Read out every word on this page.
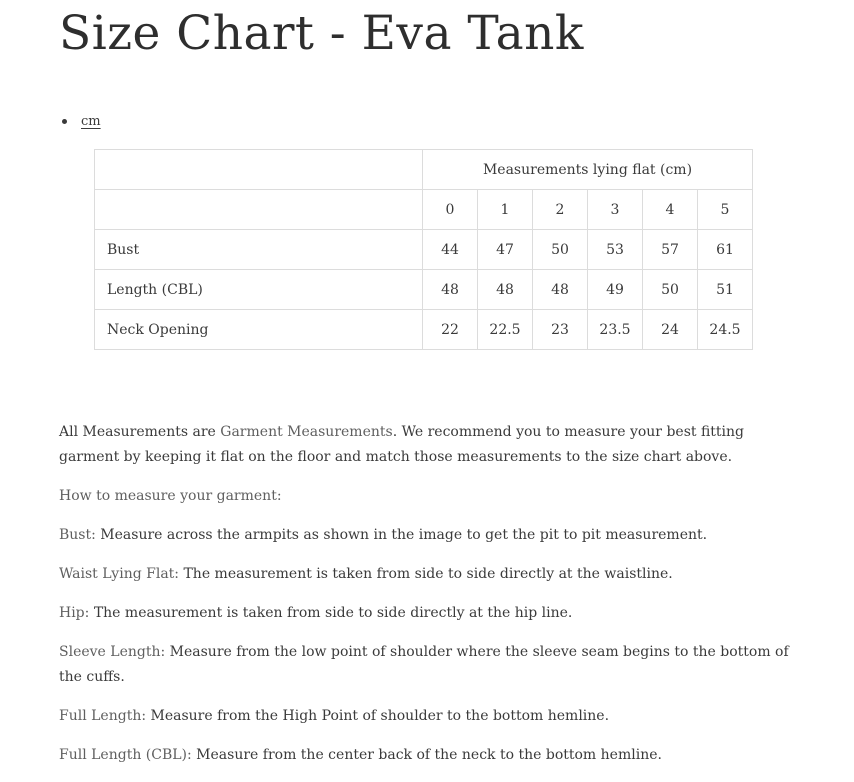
Size Chart - Eva Tank
cm
	Measurements lying flat (cm)					
	0	1	2	3	4	5
Bust	44	47	50	53	57	61
Length (CBL)	48	48	48	49	50	51
Neck Opening	22	22.5	23	23.5	24	24.5

All Measurements are Garment Measurements. We recommend you to measure your best fitting garment by keeping it flat on the floor and match those measurements to the size chart above.

How to measure your garment:

Bust: Measure across the armpits as shown in the image to get the pit to pit measurement.

Waist Lying Flat: The measurement is taken from side to side directly at the waistline.

Hip: The measurement is taken from side to side directly at the hip line.

Sleeve Length: Measure from the low point of shoulder where the sleeve seam begins to the bottom of the cuffs.

Full Length: Measure from the High Point of shoulder to the bottom hemline.

Full Length (CBL): Measure from the center back of the neck to the bottom hemline.
